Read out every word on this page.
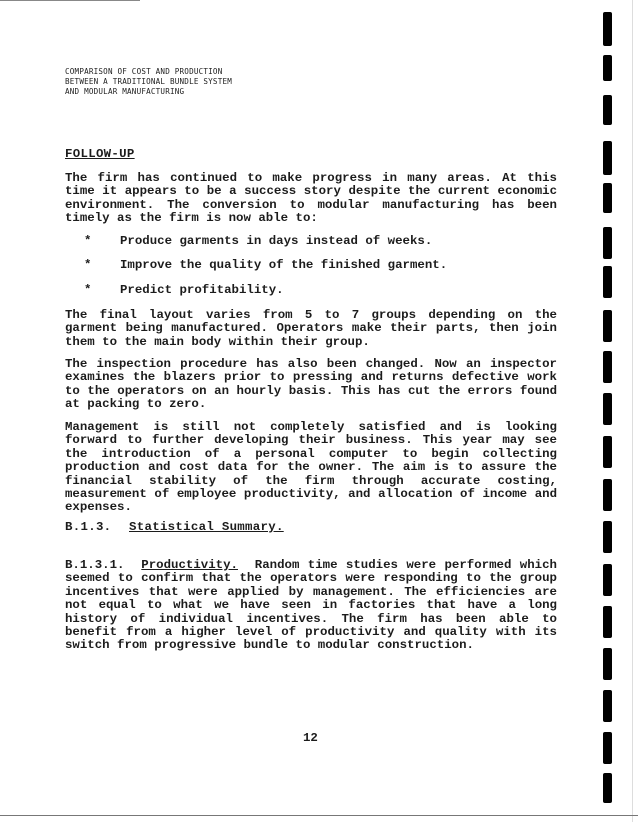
COMPARISON OF COST AND PRODUCTION
BETWEEN A TRADITIONAL BUNDLE SYSTEM
AND MODULAR MANUFACTURING
FOLLOW-UP

The firm has continued to make progress in many areas. At this time it appears to be a success story despite the current economic environment. The conversion to modular manufacturing has been timely as the firm is now able to:

* Produce garments in days instead of weeks.
* Improve the quality of the finished garment.
* Predict profitability.

The final layout varies from 5 to 7 groups depending on the garment being manufactured. Operators make their parts, then join them to the main body within their group.

The inspection procedure has also been changed. Now an inspector examines the blazers prior to pressing and returns defective work to the operators on an hourly basis. This has cut the errors found at packing to zero.

Management is still not completely satisfied and is looking forward to further developing their business. This year may see the introduction of a personal computer to begin collecting production and cost data for the owner. The aim is to assure the financial stability of the firm through accurate costing, measurement of employee productivity, and allocation of income and expenses.

B.1.3. Statistical Summary.

B.1.3.1. Productivity. Random time studies were performed which seemed to confirm that the operators were responding to the group incentives that were applied by management. The efficiencies are not equal to what we have seen in factories that have a long history of individual incentives. The firm has been able to benefit from a higher level of productivity and quality with its switch from progressive bundle to modular construction.

12
